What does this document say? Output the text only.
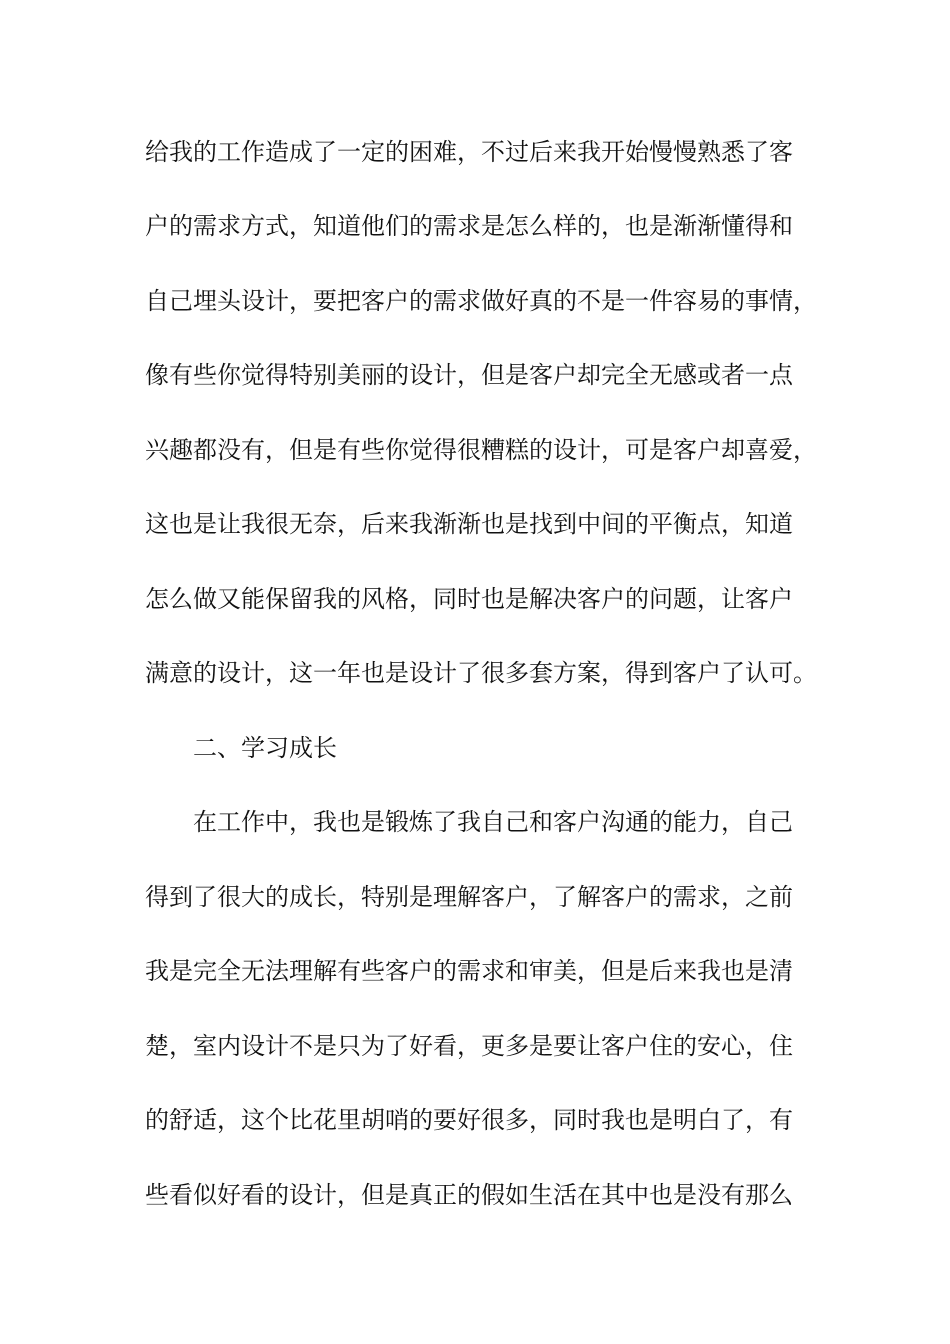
给我的工作造成了一定的困难，不过后来我开始慢慢熟悉了客

户的需求方式，知道他们的需求是怎么样的，也是渐渐懂得和

自己埋头设计，要把客户的需求做好真的不是一件容易的事情，

像有些你觉得特别美丽的设计，但是客户却完全无感或者一点

兴趣都没有，但是有些你觉得很糟糕的设计，可是客户却喜爱，

这也是让我很无奈，后来我渐渐也是找到中间的平衡点，知道

怎么做又能保留我的风格，同时也是解决客户的问题，让客户

满意的设计，这一年也是设计了很多套方案，得到客户了认可。

二、学习成长

在工作中，我也是锻炼了我自己和客户沟通的能力，自己

得到了很大的成长，特别是理解客户，了解客户的需求，之前

我是完全无法理解有些客户的需求和审美，但是后来我也是清

楚，室内设计不是只为了好看，更多是要让客户住的安心，住

的舒适，这个比花里胡哨的要好很多，同时我也是明白了，有

些看似好看的设计，但是真正的假如生活在其中也是没有那么
